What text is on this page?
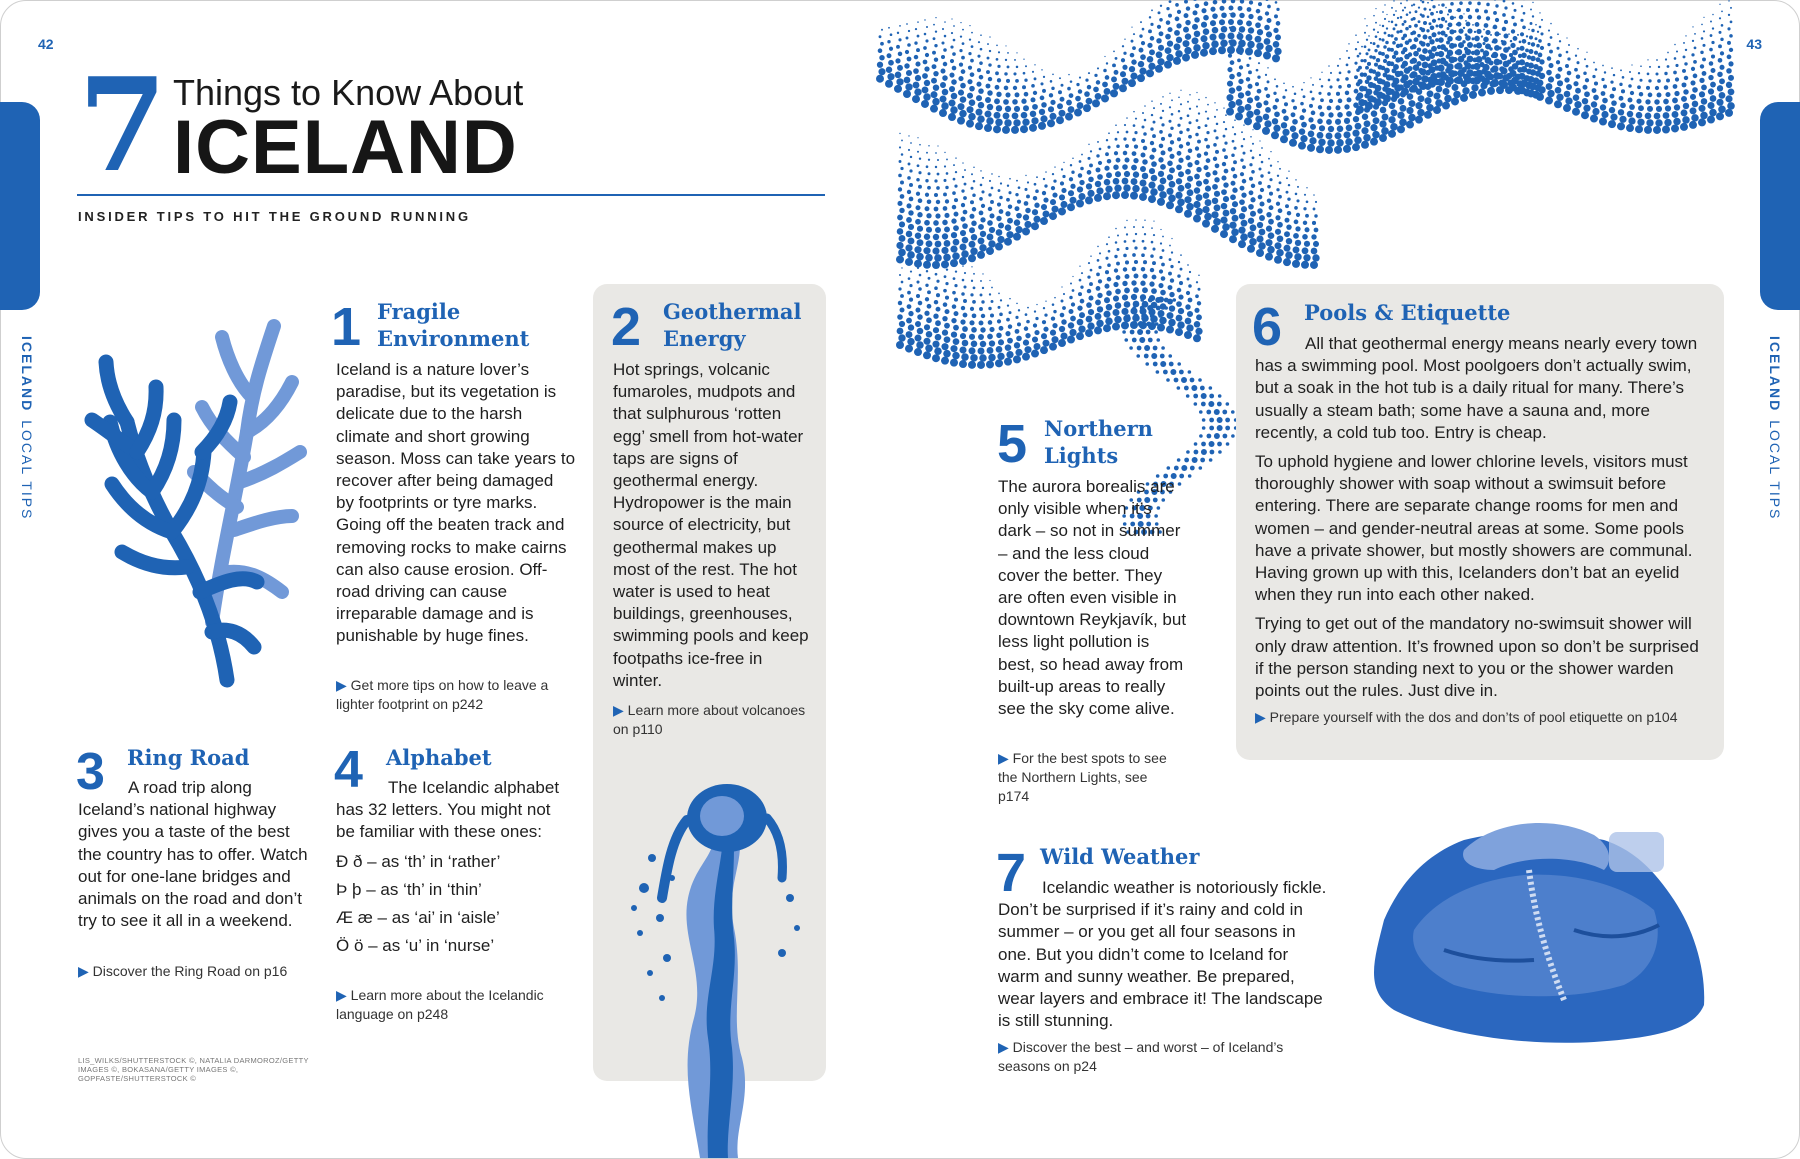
42	43
ICELANDLOCAL TIPS
ICELANDLOCAL TIPS
7 Things to Know About
ICELAND
INSIDER TIPS TO HIT THE GROUND RUNNING
1 Fragile
Environment

Iceland is a nature lover’s paradise, but its vegetation is delicate due to the harsh climate and short growing season. Moss can take years to recover after being damaged by footprints or tyre marks. Going off the beaten track and removing rocks to make cairns can also cause erosion. Off-road driving can cause irreparable damage and is punishable by huge fines.

▶ Get more tips on how to leave a lighter footprint on p242
2 Geothermal
Energy

Hot springs, volcanic fumaroles, mudpots and that sulphurous ‘rotten egg’ smell from hot-water taps are signs of geothermal energy. Hydropower is the main source of electricity, but geothermal makes up most of the rest. The hot water is used to heat buildings, greenhouses, swimming pools and keep footpaths ice-free in winter.

▶ Learn more about volcanoes on p110
3 Ring Road

A road trip along Iceland’s national highway gives you a taste of the best the country has to offer. Watch out for one-lane bridges and animals on the road and don’t try to see it all in a weekend.

▶ Discover the Ring Road on p16
4 Alphabet

The Icelandic alphabet has 32 letters. You might not be familiar with these ones:

Ð ð – as ‘th’ in ‘rather’

Þ þ – as ‘th’ in ‘thin’

Æ æ – as ‘ai’ in ‘aisle’

Ö ö – as ‘u’ in ‘nurse’

▶ Learn more about the Icelandic language on p248
LIS_WILKS/SHUTTERSTOCK ©, NATALIA DARMOROZ/GETTY IMAGES ©, BOKASANA/GETTY IMAGES ©, GOPFASTE/SHUTTERSTOCK ©
5 Northern
Lights

The aurora borealis are only visible when it’s dark – so not in summer – and the less cloud cover the better. They are often even visible in downtown Reykjavík, but less light pollution is best, so head away from built-up areas to really see the sky come alive.

▶ For the best spots to see the Northern Lights, see p174
6 Pools & Etiquette

All that geothermal energy means nearly every town has a swimming pool. Most poolgoers don’t actually swim, but a soak in the hot tub is a daily ritual for many. There’s usually a steam bath; some have a sauna and, more recently, a cold tub too. Entry is cheap.

To uphold hygiene and lower chlorine levels, visitors must thoroughly shower with soap without a swimsuit before entering. There are separate change rooms for men and women – and gender-neutral areas at some. Some pools have a private shower, but mostly showers are communal. Having grown up with this, Icelanders don’t bat an eyelid when they run into each other naked.

Trying to get out of the mandatory no-swimsuit shower will only draw attention. It’s frowned upon so don’t be surprised if the person standing next to you or the shower warden points out the rules. Just dive in.

▶ Prepare yourself with the dos and don’ts of pool etiquette on p104
7 Wild Weather

Icelandic weather is notoriously fickle. Don’t be surprised if it’s rainy and cold in summer – or you get all four seasons in one. But you didn’t come to Iceland for warm and sunny weather. Be prepared, wear layers and embrace it! The landscape is still stunning.

▶ Discover the best – and worst – of Iceland’s seasons on p24
